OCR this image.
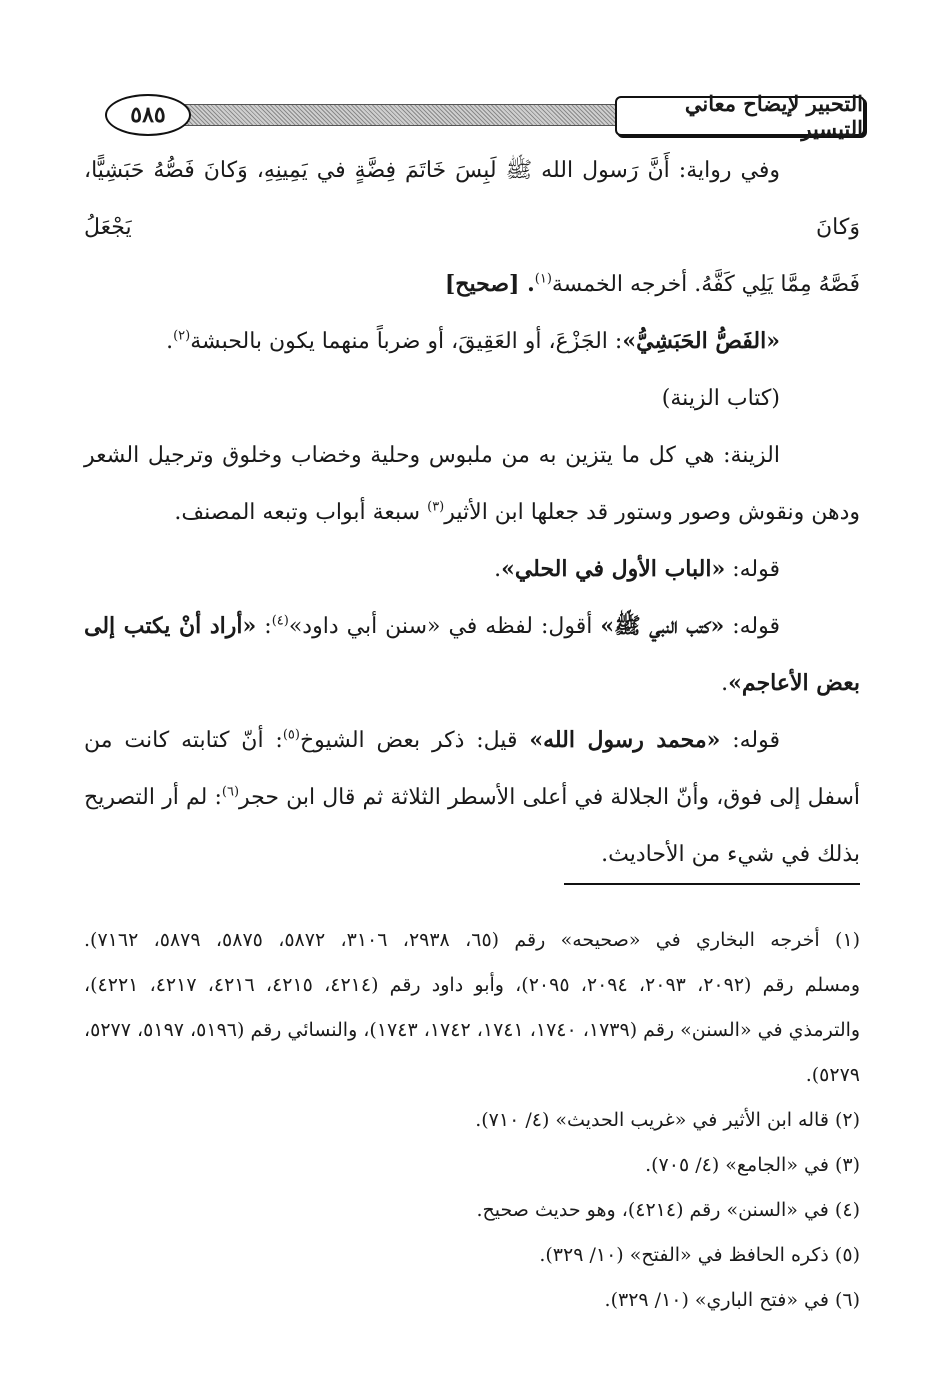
التحبير لإيضاح معاني التيسير
٥٨٥

وفي رواية: أَنَّ رَسول الله ﷺ لَبِسَ خَاتَمَ فِضَّةٍ في يَمِينِهِ، وَكانَ فَصُّهُ حَبَشِيًّا، وَكانَ يَجْعَلُ

فَصَّهُ مِمَّا يَلِي كَفَّهُ. أخرجه الخمسة$^{(١)}$. [صحيح]

«الفَصُّ الحَبَشِيُّ»: الجَزْعَ، أو العَقِيقَ، أو ضرباً منهما يكون بالحبشة$^{(٢)}$.

(كتاب الزينة)

الزينة: هي كل ما يتزين به من ملبوس وحلية وخضاب وخلوق وترجيل الشعر ودهن ونقوش وصور وستور قد جعلها ابن الأثير$^{(٣)}$ سبعة أبواب وتبعه المصنف.

قوله: «الباب الأول في الحلي».

قوله: «كتب النبي ﷺ» أقول: لفظه في «سنن أبي داود»$^{(٤)}$: «أراد أنْ يكتب إلى بعض الأعاجم».

قوله: «محمد رسول الله» قيل: ذكر بعض الشيوخ$^{(٥)}$: أنّ كتابته كانت من أسفل إلى فوق، وأنّ الجلالة في أعلى الأسطر الثلاثة ثم قال ابن حجر$^{(٦)}$: لم أر التصريح بذلك في شيء من الأحاديث.

(١) أخرجه البخاري في «صحيحه» رقم (٦٥، ٢٩٣٨، ٣١٠٦، ٥٨٧٢، ٥٨٧٥، ٥٨٧٩، ٧١٦٢).

ومسلم رقم (٢٠٩٢، ٢٠٩٣، ٢٠٩٤، ٢٠٩٥)، وأبو داود رقم (٤٢١٤، ٤٢١٥، ٤٢١٦، ٤٢١٧، ٤٢٢١)، والترمذي في «السنن» رقم (١٧٣٩، ١٧٤٠، ١٧٤١، ١٧٤٢، ١٧٤٣)، والنسائي رقم (٥١٩٦، ٥١٩٧، ٥٢٧٧، ٥٢٧٩).

(٢) قاله ابن الأثير في «غريب الحديث» (٤/ ٧١٠).

(٣) في «الجامع» (٤/ ٧٠٥).

(٤) في «السنن» رقم (٤٢١٤)، وهو حديث صحيح.

(٥) ذكره الحافظ في «الفتح» (١٠/ ٣٢٩).

(٦) في «فتح الباري» (١٠/ ٣٢٩).
